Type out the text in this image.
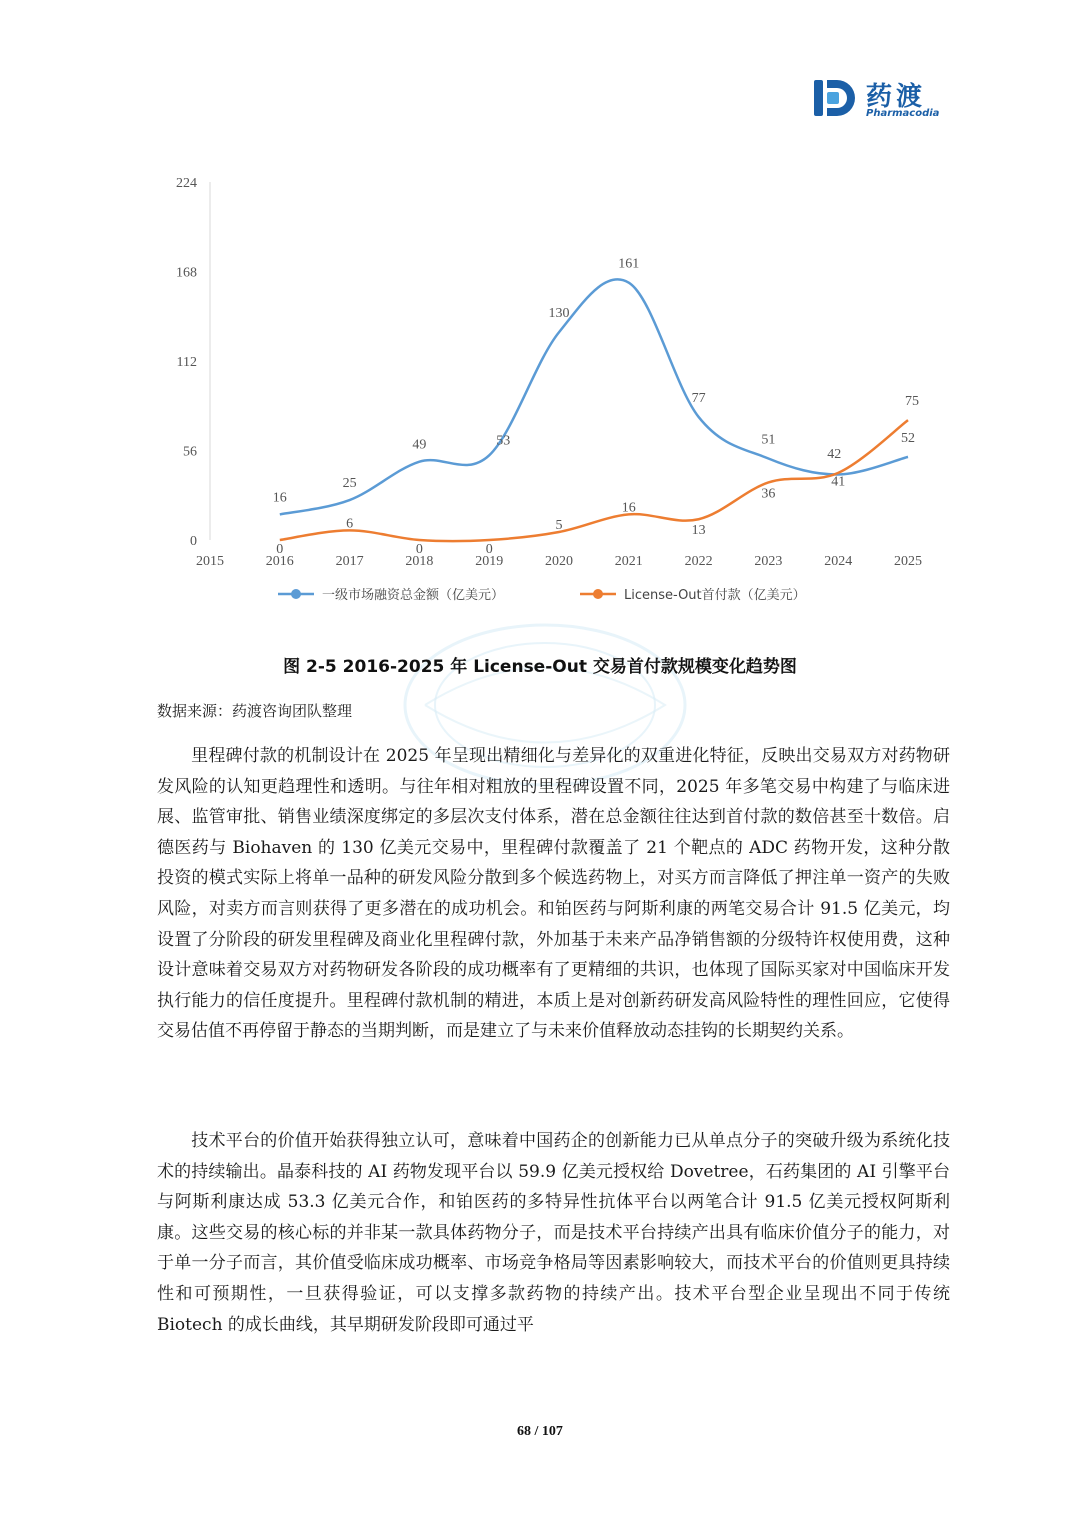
药渡
Pharmacodia
0
56
112
168
224
2015	2016	2017	2018	2019	2020	2021	2022	2023	2024	2025
16
25
49	53
130
161
77
51
41
52
0
6
0	0
5
16
13
36
42
75
一级市场融资总金额（亿美元）	License-Out首付款（亿美元）
图 2-5 2016-2025 年 License-Out 交易首付款规模变化趋势图
数据来源：药渡咨询团队整理

里程碑付款的机制设计在 2025 年呈现出精细化与差异化的双重进化特征，反映出交易双方对药物研发风险的认知更趋理性和透明。与往年相对粗放的里程碑设置不同，2025 年多笔交易中构建了与临床进展、监管审批、销售业绩深度绑定的多层次支付体系，潜在总金额往往达到首付款的数倍甚至十数倍。启德医药与 Biohaven 的 130 亿美元交易中，里程碑付款覆盖了 21 个靶点的 ADC 药物开发，这种分散投资的模式实际上将单一品种的研发风险分散到多个候选药物上，对买方而言降低了押注单一资产的失败风险，对卖方而言则获得了更多潜在的成功机会。和铂医药与阿斯利康的两笔交易合计 91.5 亿美元，均设置了分阶段的研发里程碑及商业化里程碑付款，外加基于未来产品净销售额的分级特许权使用费，这种设计意味着交易双方对药物研发各阶段的成功概率有了更精细的共识，也体现了国际买家对中国临床开发执行能力的信任度提升。里程碑付款机制的精进，本质上是对创新药研发高风险特性的理性回应，它使得交易估值不再停留于静态的当期判断，而是建立了与未来价值释放动态挂钩的长期契约关系。

技术平台的价值开始获得独立认可，意味着中国药企的创新能力已从单点分子的突破升级为系统化技术的持续输出。晶泰科技的 AI 药物发现平台以 59.9 亿美元授权给 Dovetree，石药集团的 AI 引擎平台与阿斯利康达成 53.3 亿美元合作，和铂医药的多特异性抗体平台以两笔合计 91.5 亿美元授权阿斯利康。这些交易的核心标的并非某一款具体药物分子，而是技术平台持续产出具有临床价值分子的能力，对于单一分子而言，其价值受临床成功概率、市场竞争格局等因素影响较大，而技术平台的价值则更具持续性和可预期性，一旦获得验证，可以支撑多款药物的持续产出。技术平台型企业呈现出不同于传统 Biotech 的成长曲线，其早期研发阶段即可通过平

68 / 107
